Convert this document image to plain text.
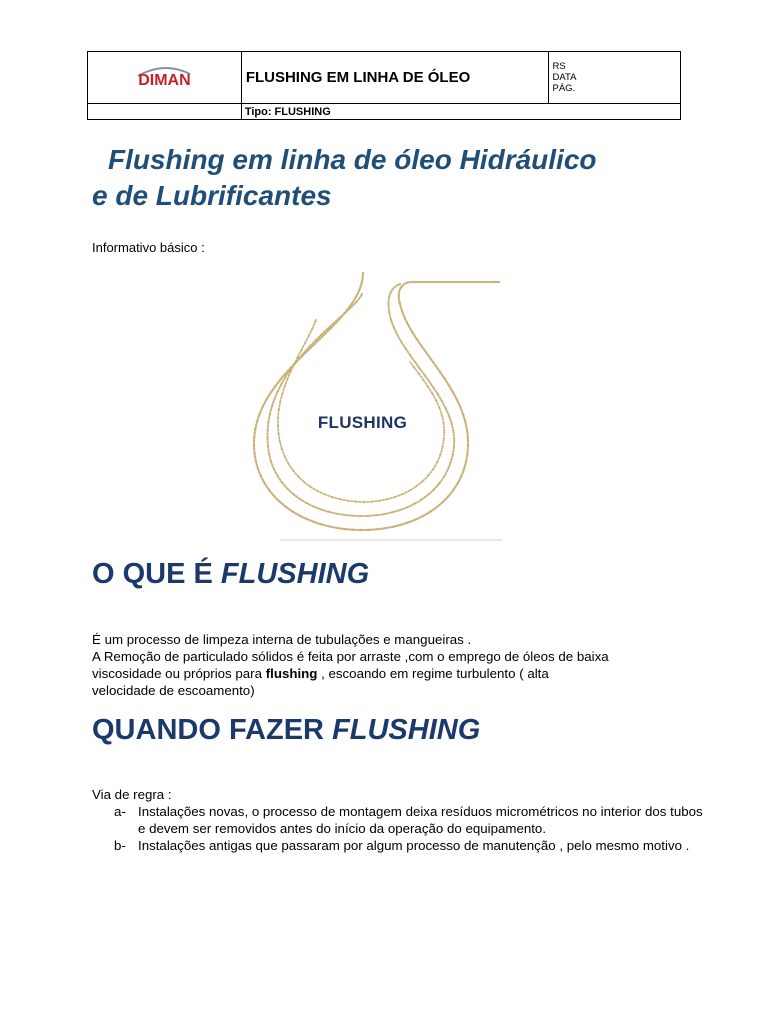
DIMAN	FLUSHING EM LINHA DE ÓLEO	RS
DATA
PÁG.

	Tipo: FLUSHING	
Flushing em linha de óleo Hidráulico
e de Lubrificantes
Informativo básico :
FLUSHING
O QUE É FLUSHING

É um processo de limpeza interna de tubulações e mangueiras .
A Remoção de particulado sólidos é feita por arraste ,com o emprego de óleos de baixa
viscosidade ou próprios para flushing , escoando em regime turbulento ( alta
velocidade de escoamento)

QUANDO FAZER FLUSHING
Via de regra :
a- Instalações novas, o processo de montagem deixa resíduos micrométricos no interior dos tubos e devem ser removidos antes do início da operação do equipamento.
b- Instalações antigas que passaram por algum processo de manutenção , pelo mesmo motivo .
